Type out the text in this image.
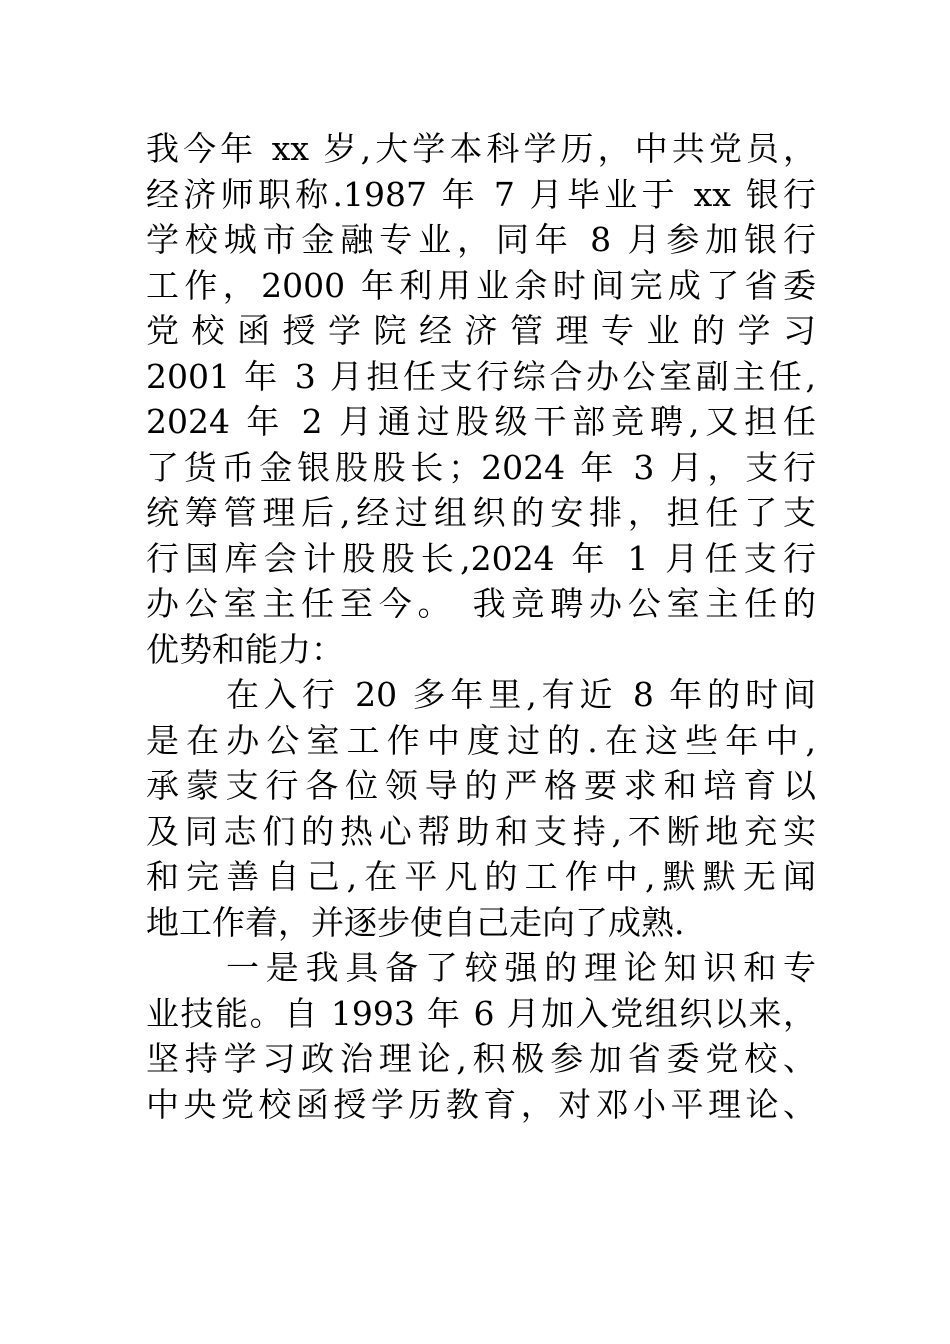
我今年 xx 岁,大学本科学历，中共党员，
经济师职称.1987 年 7 月毕业于 xx 银行
学校城市金融专业，同年 8 月参加银行
工作，2000 年利用业余时间完成了省委
党校函授学院经济管理专业的学习
2001 年 3 月担任支行综合办公室副主任,
2024 年 2 月通过股级干部竞聘,又担任
了货币金银股股长；2024 年 3 月，支行
统筹管理后,经过组织的安排，担任了支
行国库会计股股长,2024 年 1 月任支行
办公室主任至今。 我竞聘办公室主任的
优势和能力：
在入行 20 多年里,有近 8 年的时间
是在办公室工作中度过的.在这些年中,
承蒙支行各位领导的严格要求和培育以
及同志们的热心帮助和支持,不断地充实
和完善自己,在平凡的工作中,默默无闻
地工作着，并逐步使自己走向了成熟.
一是我具备了较强的理论知识和专
业技能。自 1993 年 6 月加入党组织以来，
坚持学习政治理论,积极参加省委党校、
中央党校函授学历教育，对邓小平理论、
